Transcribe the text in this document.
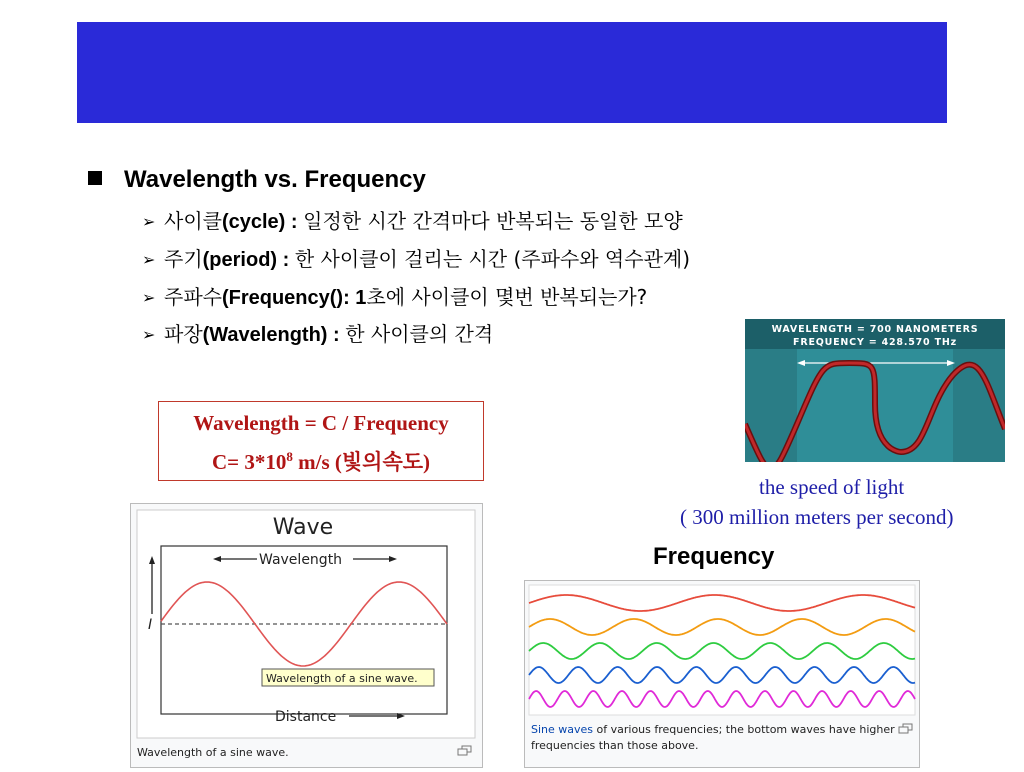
Wavelength vs. Frequency
➢ 사이클(cycle) : 일정한 시간 간격마다 반복되는 동일한 모양
➢ 주기(period) : 한 사이클이 걸리는 시간 (주파수와 역수관계)
➢ 주파수(Frequency(): 1초에 사이클이 몇번 반복되는가?
➢ 파장(Wavelength) : 한 사이클의 간격
Wavelength = C / Frequency
$C= 3*10^8$ m/s (빛의속도)
WAVELENGTH = 700 NANOMETERS
FREQUENCY = 428.570 THz
the speed of light
( 300 million meters per second)
Frequency
Wave
Wavelength
I
Wavelength of a sine wave.
Distance
Wavelength of a sine wave.
Sine waves of various frequencies; the bottom waves have higher
frequencies than those above.
